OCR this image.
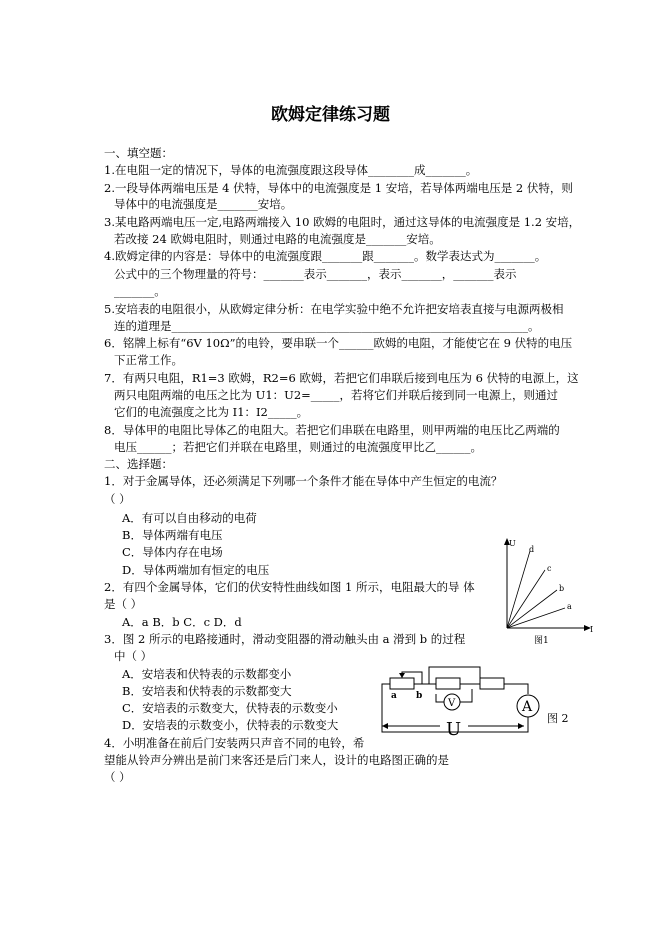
欧姆定律练习题
一、填空题：
1.在电阻一定的情况下，导体的电流强度跟这段导体________成_______。
2.一段导体两端电压是 4 伏特，导体中的电流强度是 1 安培，若导体两端电压是 2 伏特，则
导体中的电流强度是_______安培。
3.某电路两端电压一定,电路两端接入 10 欧姆的电阻时，通过这导体的电流强度是 1.2 安培，
若改接 24 欧姆电阻时，则通过电路的电流强度是_______安培。
4.欧姆定律的内容是：导体中的电流强度跟_______跟_______。数学表达式为_______。
公式中的三个物理量的符号：_______表示_______，表示_______，_______表示
_______。
5.安培表的电阻很小，从欧姆定律分析：在电学实验中绝不允许把安培表直接与电源两极相
连的道理是______________________________________________________________。
6．铭牌上标有“6V 10Ω”的电铃，要串联一个______欧姆的电阻，才能使它在 9 伏特的电压
下正常工作。
7．有两只电阻，R1=3 欧姆，R2=6 欧姆，若把它们串联后接到电压为 6 伏特的电源上，这
两只电阻两端的电压之比为 U1：U2=_____，若将它们并联后接到同一电源上，则通过
它们的电流强度之比为 I1：I2_____。
8．导体甲的电阻比导体乙的电阻大。若把它们串联在电路里，则甲两端的电压比乙两端的
电压______；若把它们并联在电路里，则通过的电流强度甲比乙______。
二、选择题：
1．对于金属导体，还必须满足下列哪一个条件才能在导体中产生恒定的电流？
（ ）
A．有可以自由移动的电荷
B．导体两端有电压
C．导体内存在电场
D．导体两端加有恒定的电压
2．有四个金属导体，它们的伏安特性曲线如图 1 所示，电阻最大的导 体
是（ ）
A．a B．b C．c D．d
3．图 2 所示的电路接通时，滑动变阻器的滑动触头由 a 滑到 b 的过程
中（ ）
A．安培表和伏特表的示数都变小
B．安培表和伏特表的示数都变大
C．安培表的示数变大，伏特表的示数变小
D．安培表的示数变小，伏特表的示数变大
4．小明准备在前后门安装两只声音不同的电铃，希
望能从铃声分辨出是前门来客还是后门来人，设计的电路图正确的是
（ ）
U
I
d
c
b
a
图1
a b
V	A
U
图 2
